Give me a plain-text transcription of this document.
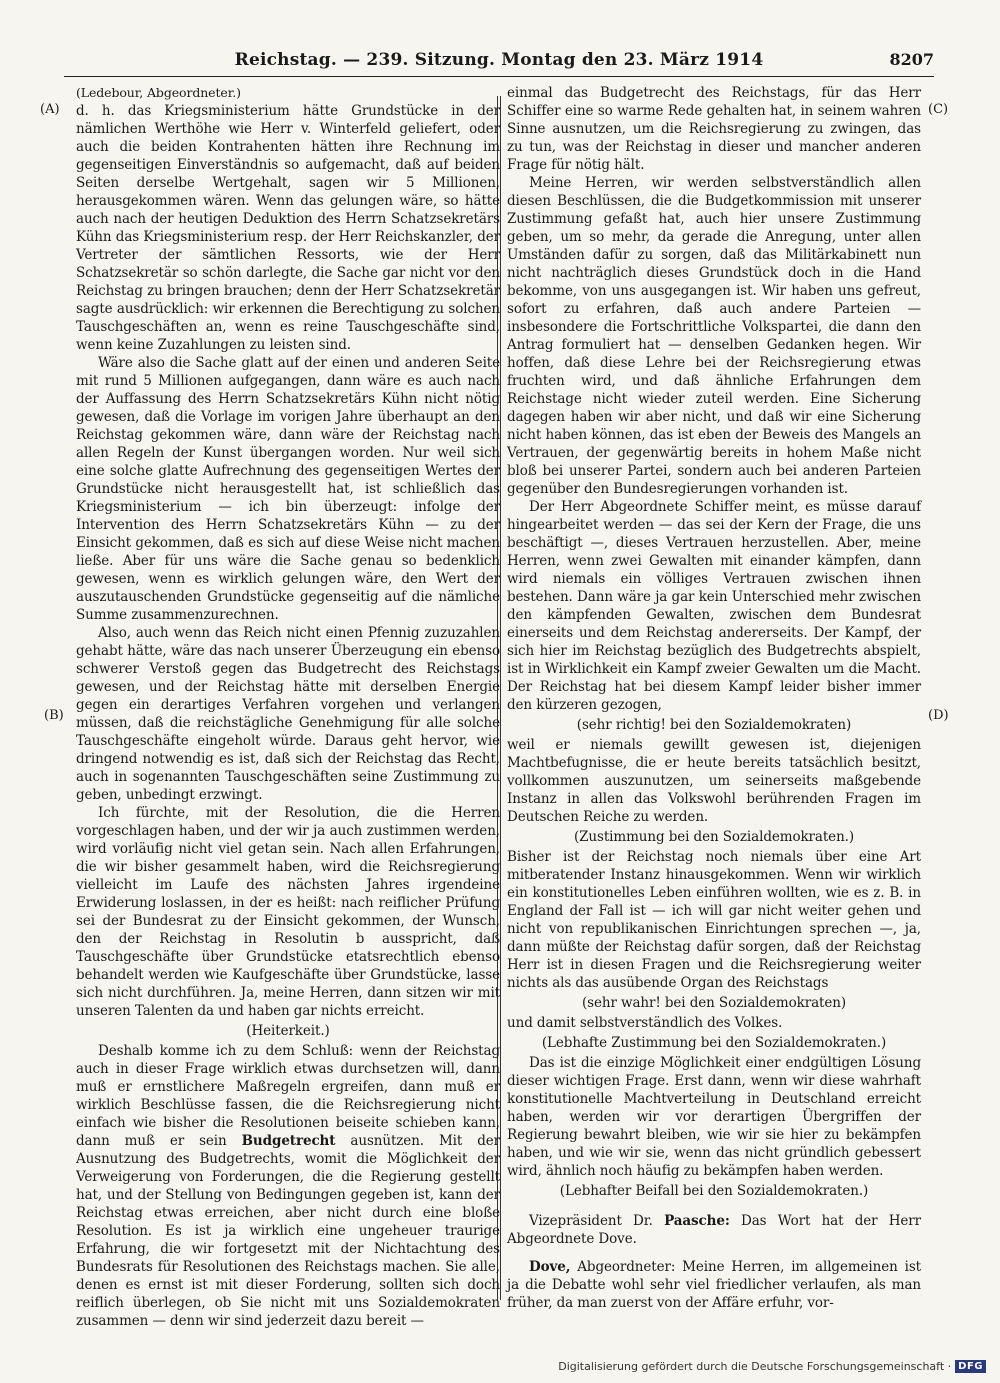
Reichstag. — 239. Sitzung. Montag den 23. März 1914	8207
(A)
(B)
(C)
(D)

(Ledebour, Abgeordneter.)

d. h. das Kriegsministerium hätte Grundstücke in der nämlichen Werthöhe wie Herr v. Winterfeld geliefert, oder auch die beiden Kontrahenten hätten ihre Rechnung im gegenseitigen Einverständnis so aufgemacht, daß auf beiden Seiten derselbe Wertgehalt, sagen wir 5 Millionen, herausgekommen wären. Wenn das gelungen wäre, so hätte auch nach der heutigen Deduktion des Herrn Schatzsekretärs Kühn das Kriegsministerium resp. der Herr Reichskanzler, der Vertreter der sämtlichen Ressorts, wie der Herr Schatzsekretär so schön darlegte, die Sache gar nicht vor den Reichstag zu bringen brauchen; denn der Herr Schatzsekretär sagte ausdrücklich: wir erkennen die Berechtigung zu solchen Tauschgeschäften an, wenn es reine Tauschgeschäfte sind, wenn keine Zuzahlungen zu leisten sind.

Wäre also die Sache glatt auf der einen und anderen Seite mit rund 5 Millionen aufgegangen, dann wäre es auch nach der Auffassung des Herrn Schatzsekretärs Kühn nicht nötig gewesen, daß die Vorlage im vorigen Jahre überhaupt an den Reichstag gekommen wäre, dann wäre der Reichstag nach allen Regeln der Kunst übergangen worden. Nur weil sich eine solche glatte Aufrechnung des gegenseitigen Wertes der Grundstücke nicht herausgestellt hat, ist schließlich das Kriegsministerium — ich bin überzeugt: infolge der Intervention des Herrn Schatzsekretärs Kühn — zu der Einsicht gekommen, daß es sich auf diese Weise nicht machen ließe. Aber für uns wäre die Sache genau so bedenklich gewesen, wenn es wirklich gelungen wäre, den Wert der auszutauschenden Grundstücke gegenseitig auf die nämliche Summe zusammenzurechnen.

Also, auch wenn das Reich nicht einen Pfennig zuzuzahlen gehabt hätte, wäre das nach unserer Überzeugung ein ebenso schwerer Verstoß gegen das Budgetrecht des Reichstags gewesen, und der Reichstag hätte mit derselben Energie gegen ein derartiges Verfahren vorgehen und verlangen müssen, daß die reichstägliche Genehmigung für alle solche Tauschgeschäfte eingeholt würde. Daraus geht hervor, wie dringend notwendig es ist, daß sich der Reichstag das Recht, auch in sogenannten Tauschgeschäften seine Zustimmung zu geben, unbedingt erzwingt.

Ich fürchte, mit der Resolution, die die Herren vorgeschlagen haben, und der wir ja auch zustimmen werden, wird vorläufig nicht viel getan sein. Nach allen Erfahrungen, die wir bisher gesammelt haben, wird die Reichsregierung vielleicht im Laufe des nächsten Jahres irgendeine Erwiderung loslassen, in der es heißt: nach reiflicher Prüfung sei der Bundesrat zu der Einsicht gekommen, der Wunsch, den der Reichstag in Resolutin b ausspricht, daß Tauschgeschäfte über Grundstücke etatsrechtlich ebenso behandelt werden wie Kaufgeschäfte über Grundstücke, lasse sich nicht durchführen. Ja, meine Herren, dann sitzen wir mit unseren Talenten da und haben gar nichts erreicht.

(Heiterkeit.)

Deshalb komme ich zu dem Schluß: wenn der Reichstag auch in dieser Frage wirklich etwas durchsetzen will, dann muß er ernstlichere Maßregeln ergreifen, dann muß er wirklich Beschlüsse fassen, die die Reichsregierung nicht einfach wie bisher die Resolutionen beiseite schieben kann, dann muß er sein Budgetrecht ausnützen. Mit der Ausnutzung des Budgetrechts, womit die Möglichkeit der Verweigerung von Forderungen, die die Regierung gestellt hat, und der Stellung von Bedingungen gegeben ist, kann der Reichstag etwas erreichen, aber nicht durch eine bloße Resolution. Es ist ja wirklich eine ungeheuer traurige Erfahrung, die wir fortgesetzt mit der Nichtachtung des Bundesrats für Resolutionen des Reichstags machen. Sie alle, denen es ernst ist mit dieser Forderung, sollten sich doch reiflich überlegen, ob Sie nicht mit uns Sozialdemokraten zusammen — denn wir sind jederzeit dazu bereit —

einmal das Budgetrecht des Reichstags, für das Herr Schiffer eine so warme Rede gehalten hat, in seinem wahren Sinne ausnutzen, um die Reichsregierung zu zwingen, das zu tun, was der Reichstag in dieser und mancher anderen Frage für nötig hält.

Meine Herren, wir werden selbstverständlich allen diesen Beschlüssen, die die Budgetkommission mit unserer Zustimmung gefaßt hat, auch hier unsere Zustimmung geben, um so mehr, da gerade die Anregung, unter allen Umständen dafür zu sorgen, daß das Militärkabinett nun nicht nachträglich dieses Grundstück doch in die Hand bekomme, von uns ausgegangen ist. Wir haben uns gefreut, sofort zu erfahren, daß auch andere Parteien — insbesondere die Fortschrittliche Volkspartei, die dann den Antrag formuliert hat — denselben Gedanken hegen. Wir hoffen, daß diese Lehre bei der Reichsregierung etwas fruchten wird, und daß ähnliche Erfahrungen dem Reichstage nicht wieder zuteil werden. Eine Sicherung dagegen haben wir aber nicht, und daß wir eine Sicherung nicht haben können, das ist eben der Beweis des Mangels an Vertrauen, der gegenwärtig bereits in hohem Maße nicht bloß bei unserer Partei, sondern auch bei anderen Parteien gegenüber den Bundesregierungen vorhanden ist.

Der Herr Abgeordnete Schiffer meint, es müsse darauf hingearbeitet werden — das sei der Kern der Frage, die uns beschäftigt —, dieses Vertrauen herzustellen. Aber, meine Herren, wenn zwei Gewalten mit einander kämpfen, dann wird niemals ein völliges Vertrauen zwischen ihnen bestehen. Dann wäre ja gar kein Unterschied mehr zwischen den kämpfenden Gewalten, zwischen dem Bundesrat einerseits und dem Reichstag andererseits. Der Kampf, der sich hier im Reichstag bezüglich des Budgetrechts abspielt, ist in Wirklichkeit ein Kampf zweier Gewalten um die Macht. Der Reichstag hat bei diesem Kampf leider bisher immer den kürzeren gezogen,

(sehr richtig! bei den Sozialdemokraten)

weil er niemals gewillt gewesen ist, diejenigen Machtbefugnisse, die er heute bereits tatsächlich besitzt, vollkommen auszunutzen, um seinerseits maßgebende Instanz in allen das Volkswohl berührenden Fragen im Deutschen Reiche zu werden.

(Zustimmung bei den Sozialdemokraten.)

Bisher ist der Reichstag noch niemals über eine Art mitberatender Instanz hinausgekommen. Wenn wir wirklich ein konstitutionelles Leben einführen wollten, wie es z. B. in England der Fall ist — ich will gar nicht weiter gehen und nicht von republikanischen Einrichtungen sprechen —, ja, dann müßte der Reichstag dafür sorgen, daß der Reichstag Herr ist in diesen Fragen und die Reichsregierung weiter nichts als das ausübende Organ des Reichstags

(sehr wahr! bei den Sozialdemokraten)

und damit selbstverständlich des Volkes.

(Lebhafte Zustimmung bei den Sozialdemokraten.)

Das ist die einzige Möglichkeit einer endgültigen Lösung dieser wichtigen Frage. Erst dann, wenn wir diese wahrhaft konstitutionelle Machtverteilung in Deutschland erreicht haben, werden wir vor derartigen Übergriffen der Regierung bewahrt bleiben, wie wir sie hier zu bekämpfen haben, und wie wir sie, wenn das nicht gründlich gebessert wird, ähnlich noch häufig zu bekämpfen haben werden.

(Lebhafter Beifall bei den Sozialdemokraten.)

Vizepräsident Dr. Paasche: Das Wort hat der Herr Abgeordnete Dove.

Dove, Abgeordneter: Meine Herren, im allgemeinen ist ja die Debatte wohl sehr viel friedlicher verlaufen, als man früher, da man zuerst von der Affäre erfuhr, vor-

Digitalisierung gefördert durch die Deutsche Forschungsgemeinschaft · DFG
